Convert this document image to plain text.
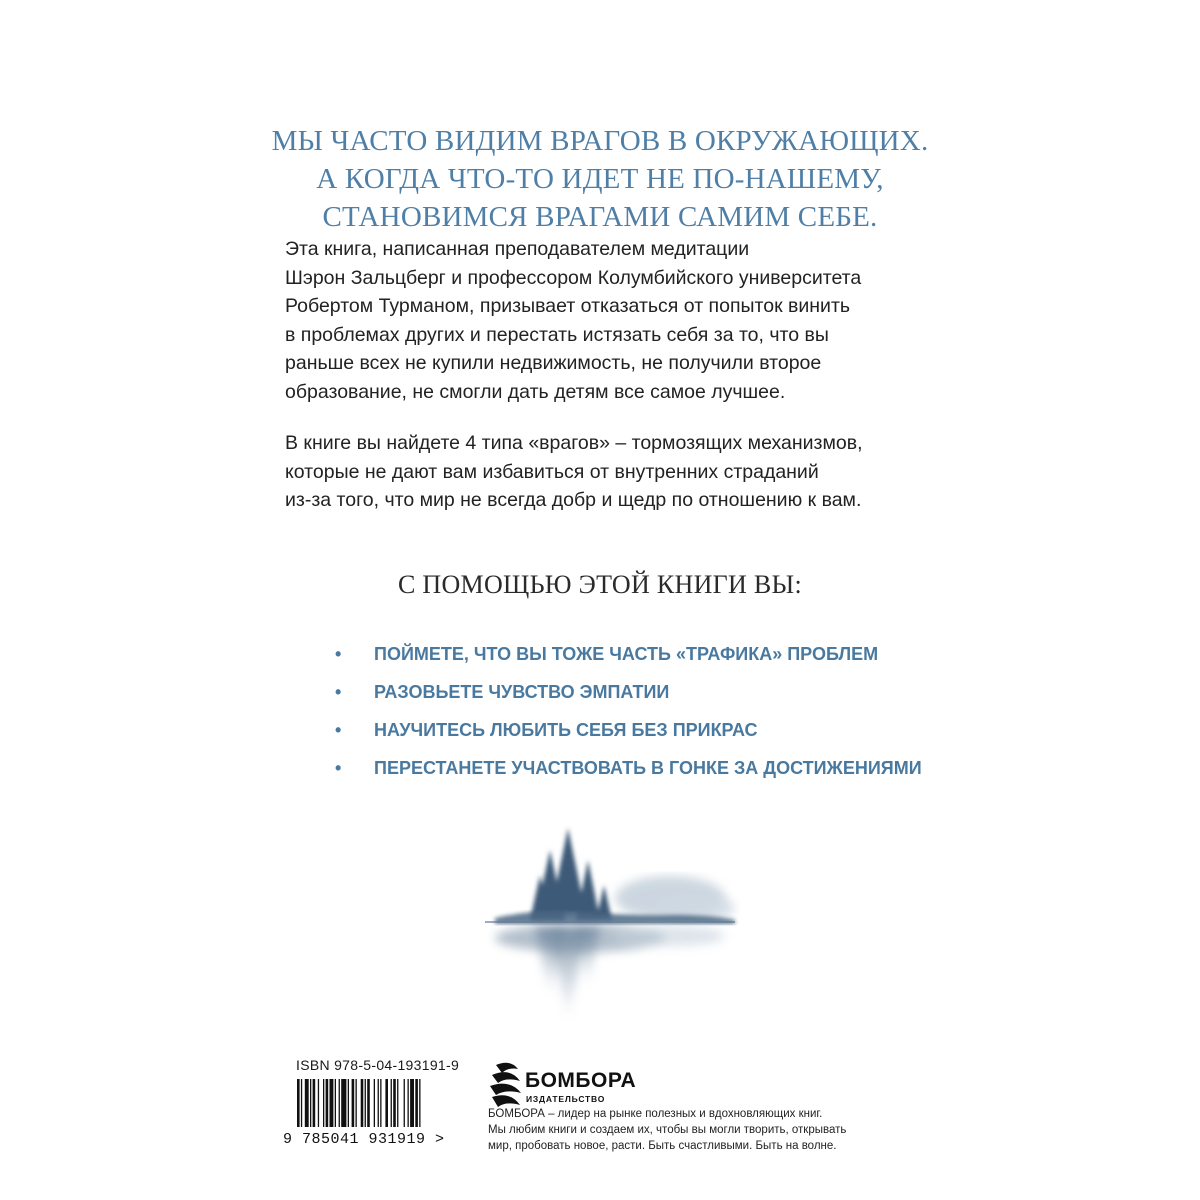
МЫ ЧАСТО ВИДИМ ВРАГОВ В ОКРУЖАЮЩИХ.
А КОГДА ЧТО-ТО ИДЕТ НЕ ПО-НАШЕМУ,
СТАНОВИМСЯ ВРАГАМИ САМИМ СЕБЕ.
Эта книга, написанная преподавателем медитации
Шэрон Зальцберг и профессором Колумбийского университета
Робертом Турманом, призывает отказаться от попыток винить
в проблемах других и перестать истязать себя за то, что вы
раньше всех не купили недвижимость, не получили второе
образование, не смогли дать детям все самое лучшее.
В книге вы найдете 4 типа «врагов» – тормозящих механизмов,
которые не дают вам избавиться от внутренних страданий
из-за того, что мир не всегда добр и щедр по отношению к вам.
С ПОМОЩЬЮ ЭТОЙ КНИГИ ВЫ:
•	ПОЙМЕТЕ, ЧТО ВЫ ТОЖЕ ЧАСТЬ «ТРАФИКА» ПРОБЛЕМ
•	РАЗОВЬЕТЕ ЧУВСТВО ЭМПАТИИ
•	НАУЧИТЕСЬ ЛЮБИТЬ СЕБЯ БЕЗ ПРИКРАС
•	ПЕРЕСТАНЕТЕ УЧАСТВОВАТЬ В ГОНКЕ ЗА ДОСТИЖЕНИЯМИ
ISBN 978-5-04-193191-9
9 785041 931919 >
БОМБОРА
ИЗДАТЕЛЬСТВО
БОМБОРА – лидер на рынке полезных и вдохновляющих книг.
Мы любим книги и создаем их, чтобы вы могли творить, открывать
мир, пробовать новое, расти. Быть счастливыми. Быть на волне.
